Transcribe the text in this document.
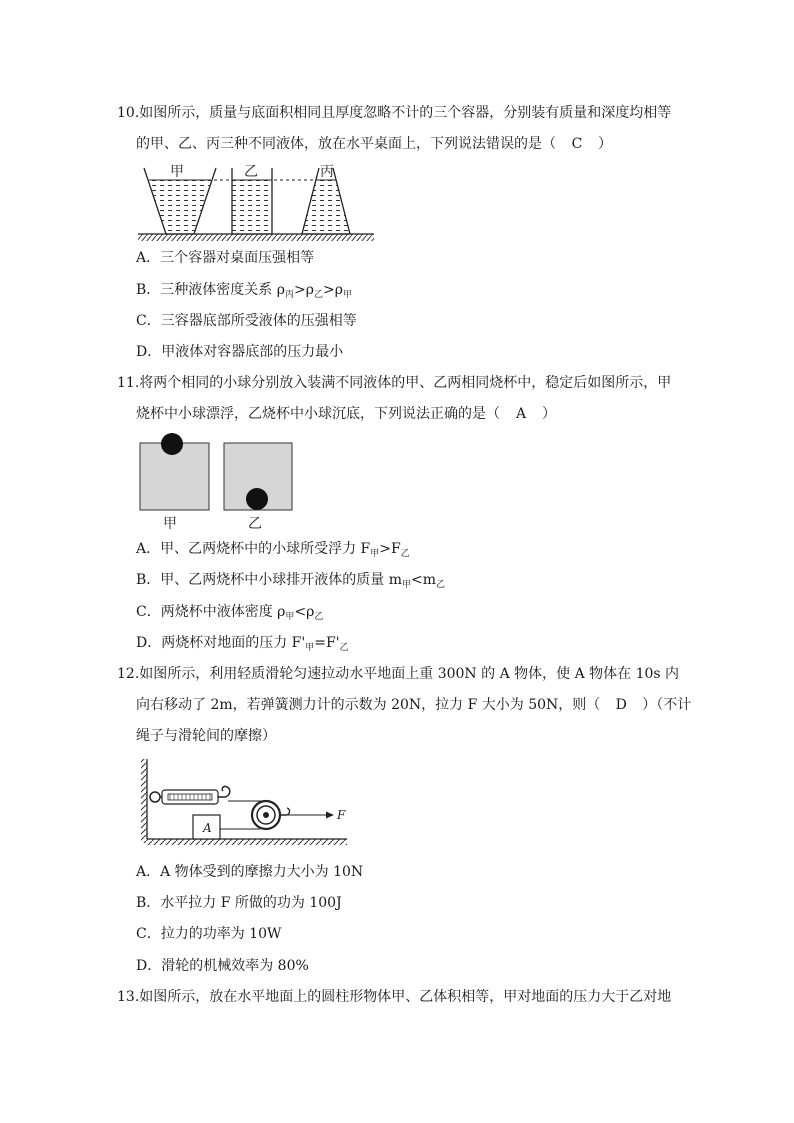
10.如图所示，质量与底面积相同且厚度忽略不计的三个容器，分别装有质量和深度均相等
的甲、乙、丙三种不同液体，放在水平桌面上，下列说法错误的是（ C ）
甲	乙	丙
A．三个容器对桌面压强相等
B．三种液体密度关系 $\rho_丙>\rho_乙>\rho_甲$
C．三容器底部所受液体的压强相等
D．甲液体对容器底部的压力最小
11.将两个相同的小球分别放入装满不同液体的甲、乙两相同烧杯中，稳定后如图所示，甲
烧杯中小球漂浮，乙烧杯中小球沉底，下列说法正确的是（ A ）
甲	乙
A．甲、乙两烧杯中的小球所受浮力 $F_甲>F_乙$
B．甲、乙两烧杯中小球排开液体的质量 $m_甲<m_乙$
C．两烧杯中液体密度 $\rho_甲<\rho_乙$
D．两烧杯对地面的压力 $F'_甲=F'_乙$
12.如图所示，利用轻质滑轮匀速拉动水平地面上重 300N 的 A 物体，使 A 物体在 10s 内
向右移动了 2m，若弹簧测力计的示数为 20N，拉力 F 大小为 50N，则（ D ）（不计
绳子与滑轮间的摩擦）
F
A
A．A 物体受到的摩擦力大小为 10N
B．水平拉力 F 所做的功为 100J
C．拉力的功率为 10W
D．滑轮的机械效率为 80%
13.如图所示，放在水平地面上的圆柱形物体甲、乙体积相等，甲对地面的压力大于乙对地
